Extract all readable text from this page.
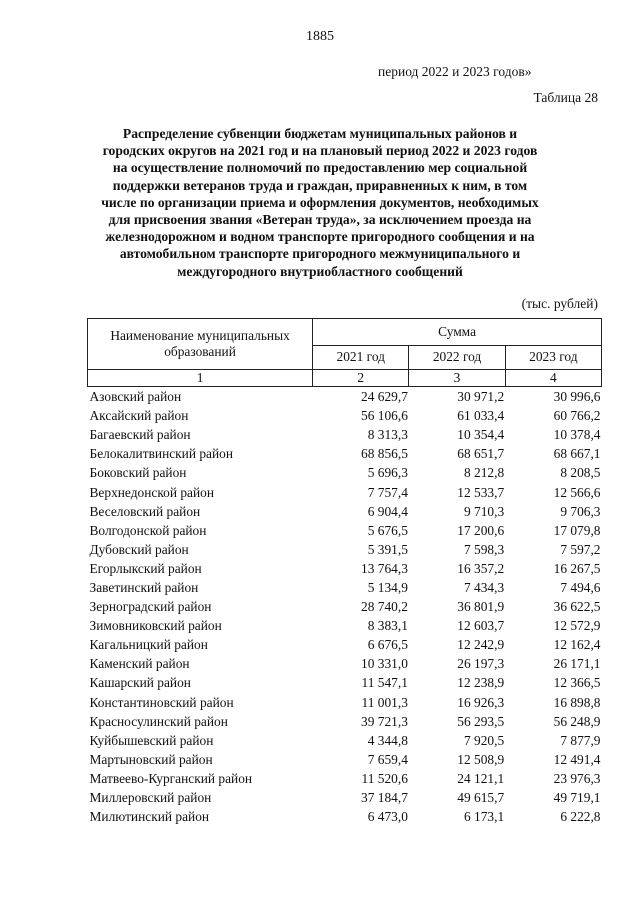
1885
период 2022 и 2023 годов»
Таблица 28
Распределение субвенции бюджетам муниципальных районов и
городских округов на 2021 год и на плановый период 2022 и 2023 годов
на осуществление полномочий по предоставлению мер социальной
поддержки ветеранов труда и граждан, приравненных к ним, в том
числе по организации приема и оформления документов, необходимых
для присвоения звания «Ветеран труда», за исключением проезда на
железнодорожном и водном транспорте пригородного сообщения и на
автомобильном транспорте пригородного межмуниципального и
междугородного внутриобластного сообщений
(тыс. рублей)
Наименование муниципальных
образований	Сумма		
	2021 год	2022 год	2023 год
1	2	3	4
Азовский район	24 629,7	30 971,2	30 996,6
Аксайский район	56 106,6	61 033,4	60 766,2
Багаевский район	8 313,3	10 354,4	10 378,4
Белокалитвинский район	68 856,5	68 651,7	68 667,1
Боковский район	5 696,3	8 212,8	8 208,5
Верхнедонской район	7 757,4	12 533,7	12 566,6
Веселовский район	6 904,4	9 710,3	9 706,3
Волгодонской район	5 676,5	17 200,6	17 079,8
Дубовский район	5 391,5	7 598,3	7 597,2
Егорлыкский район	13 764,3	16 357,2	16 267,5
Заветинский район	5 134,9	7 434,3	7 494,6
Зерноградский район	28 740,2	36 801,9	36 622,5
Зимовниковский район	8 383,1	12 603,7	12 572,9
Кагальницкий район	6 676,5	12 242,9	12 162,4
Каменский район	10 331,0	26 197,3	26 171,1
Кашарский район	11 547,1	12 238,9	12 366,5
Константиновский район	11 001,3	16 926,3	16 898,8
Красносулинский район	39 721,3	56 293,5	56 248,9
Куйбышевский район	4 344,8	7 920,5	7 877,9
Мартыновский район	7 659,4	12 508,9	12 491,4
Матвеево-Курганский район	11 520,6	24 121,1	23 976,3
Миллеровский район	37 184,7	49 615,7	49 719,1
Милютинский район	6 473,0	6 173,1	6 222,8
